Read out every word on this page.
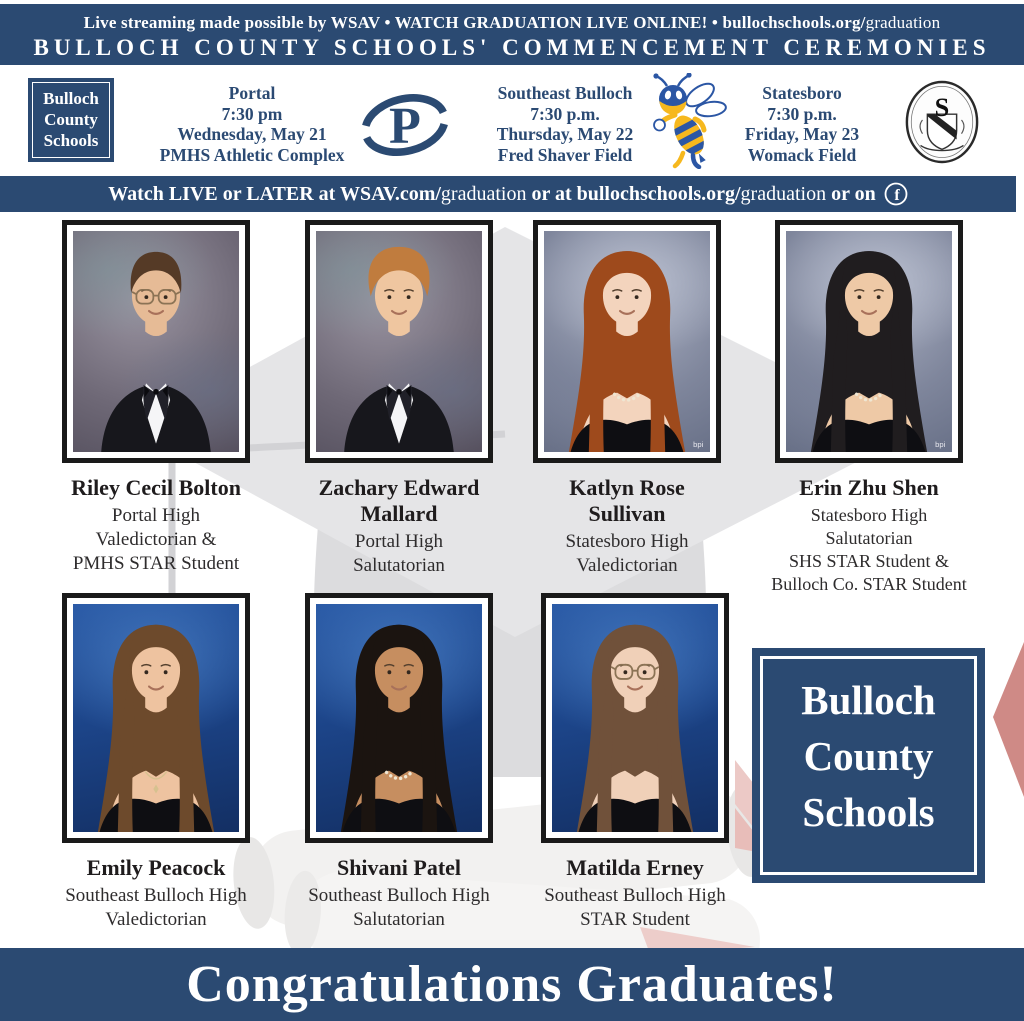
Live streaming made possible by WSAV • WATCH GRADUATION LIVE ONLINE! • bullochschools.org/graduation
BULLOCH COUNTY SCHOOLS' COMMENCEMENT CEREMONIES
Bulloch
County
Schools
Portal
7:30 pm
Wednesday, May 21
PMHS Athletic Complex P
Southeast Bulloch
7:30 p.m.
Thursday, May 22
Fred Shaver Field
Statesboro
7:30 p.m.
Friday, May 23
Womack Field
S
Watch LIVE or LATER at WSAV.com/graduation or at bullochschools.org/graduation or on f
Riley Cecil Bolton
Portal High
Valedictorian &
PMHS STAR Student
Zachary Edward
Mallard
Portal High
Salutatorian
bpi
Katlyn Rose
Sullivan
Statesboro High
Valedictorian
bpi
Erin Zhu Shen
Statesboro High
Salutatorian
SHS STAR Student &
Bulloch Co. STAR Student
Emily Peacock
Southeast Bulloch High
Valedictorian
Shivani Patel
Southeast Bulloch High
Salutatorian
Matilda Erney
Southeast Bulloch High
STAR Student
Bulloch
County
Schools
Congratulations Graduates!
